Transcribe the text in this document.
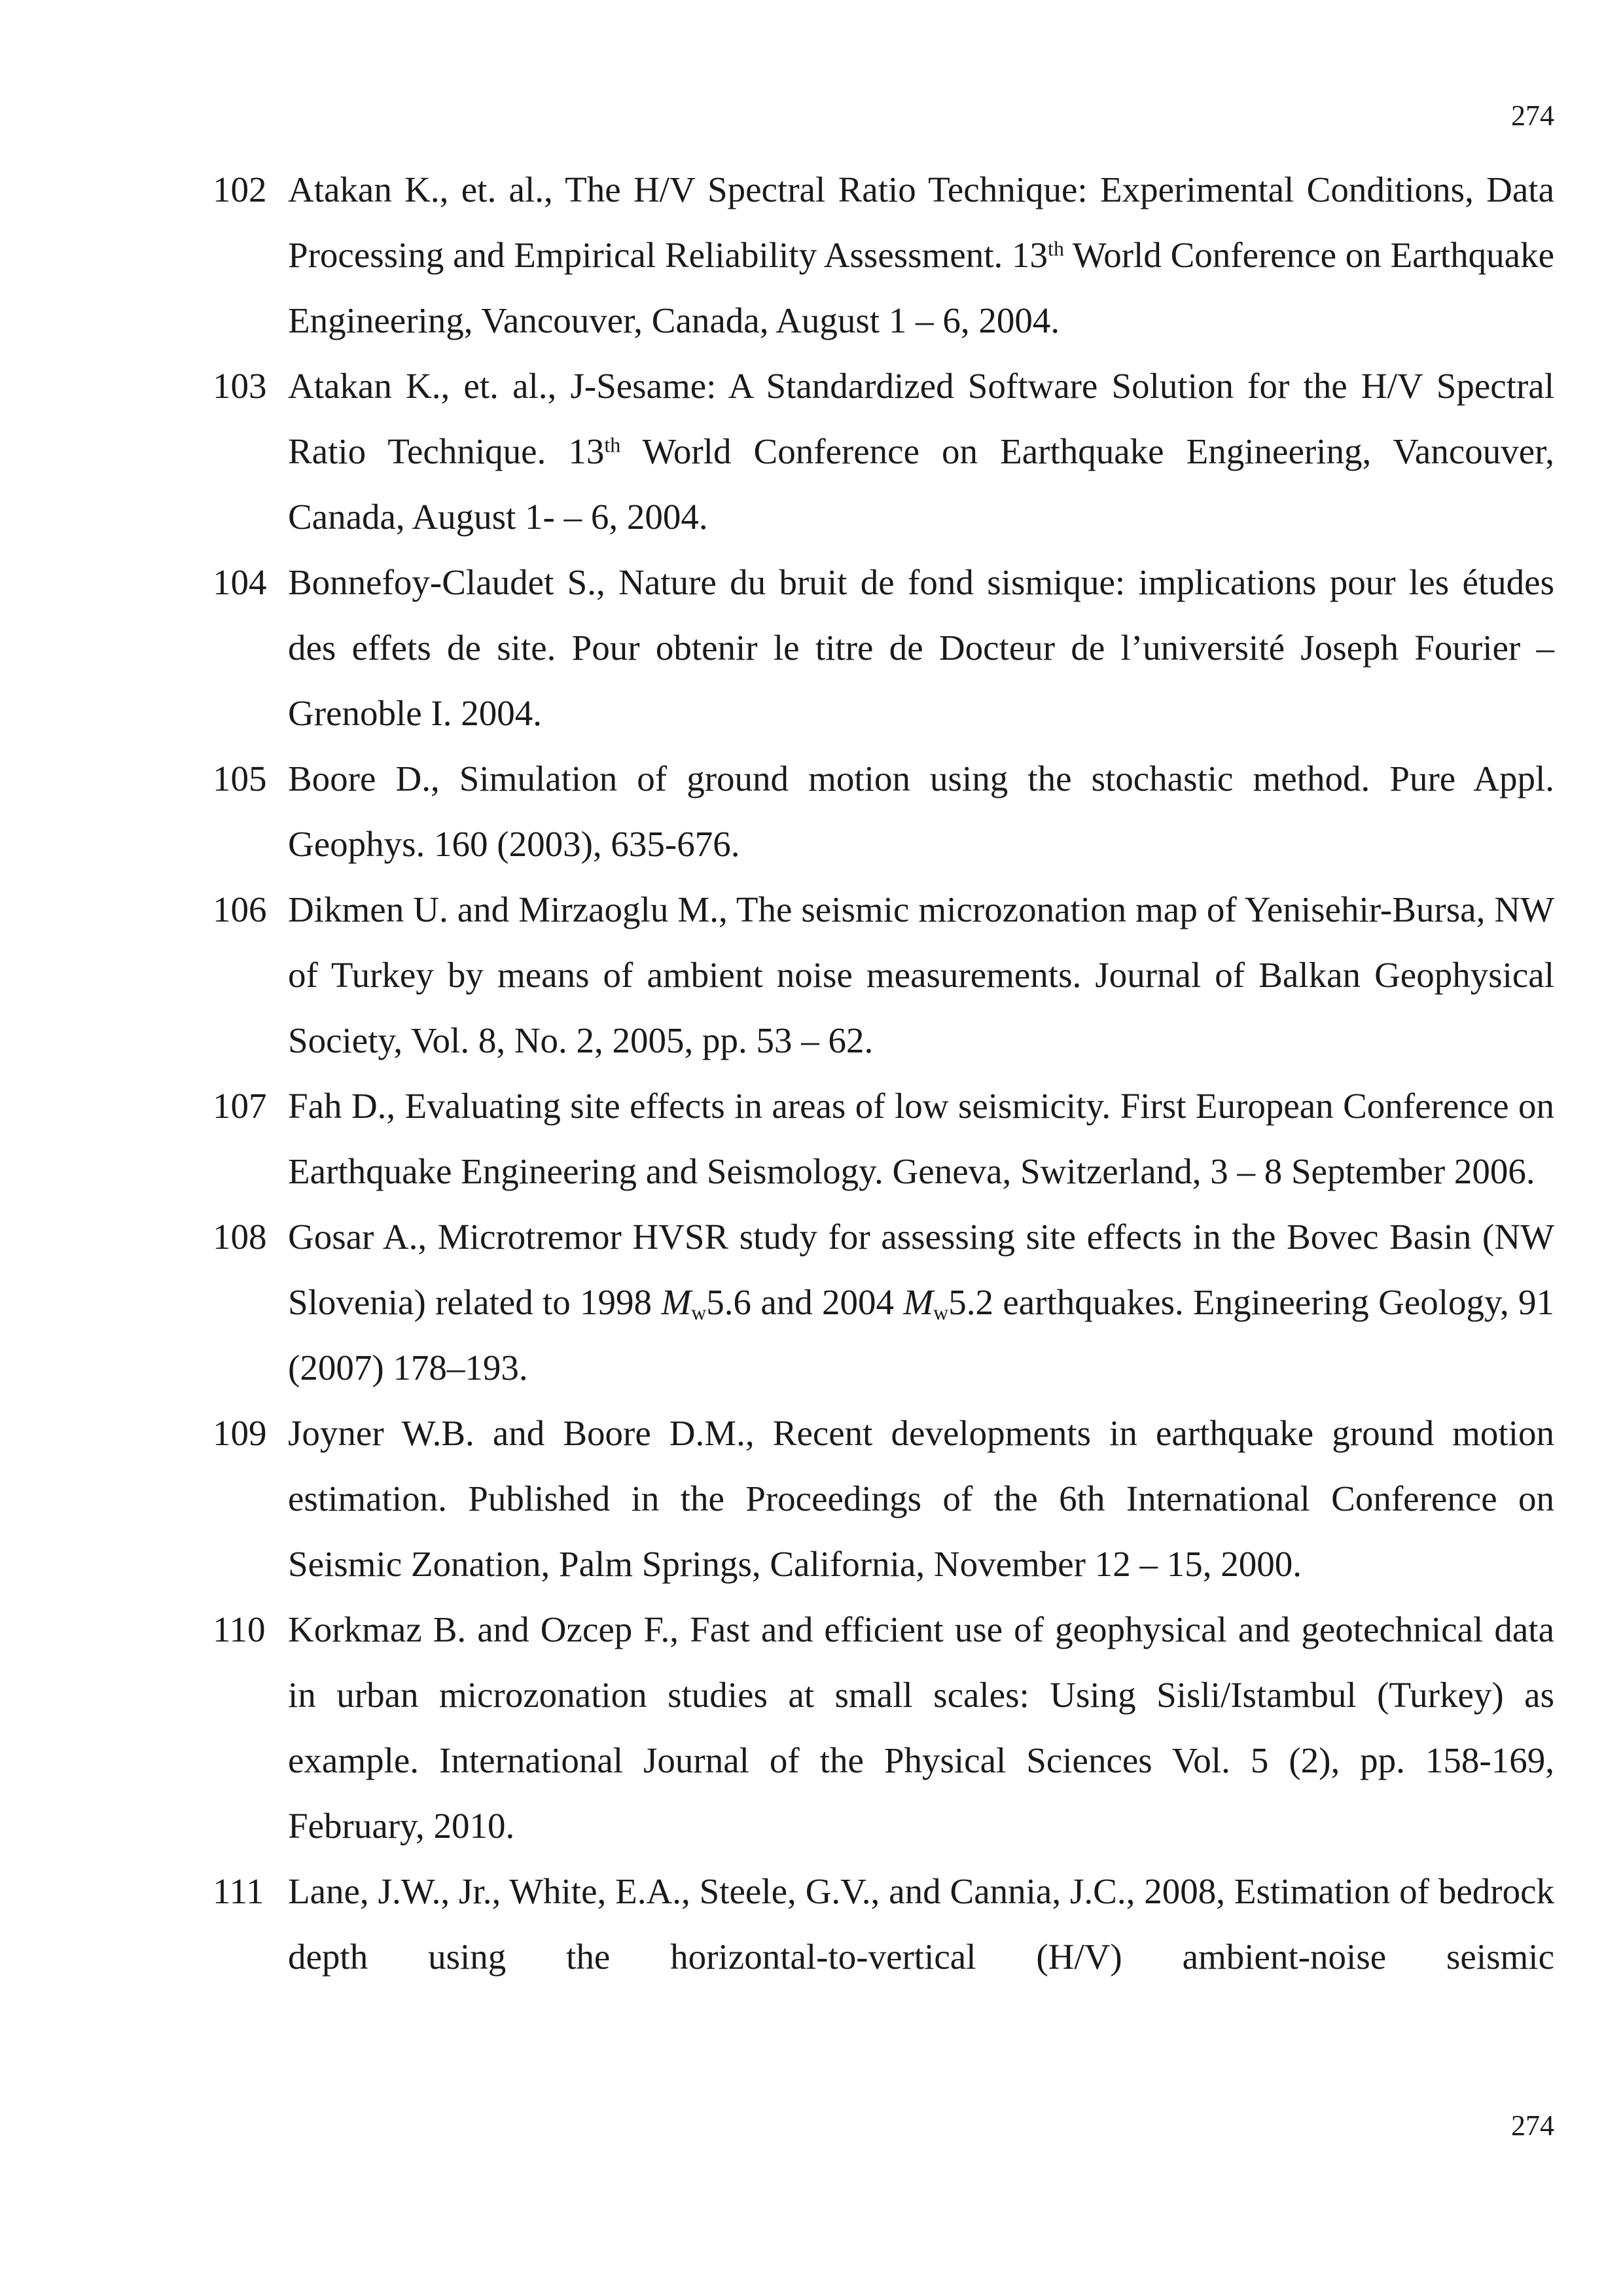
274
102 Atakan K., et. al., The H/V Spectral Ratio Technique: Experimental Conditions, Data Processing and Empirical Reliability Assessment. 13th World Conference on Earthquake Engineering, Vancouver, Canada, August 1 – 6, 2004.
103 Atakan K., et. al., J-Sesame: A Standardized Software Solution for the H/V Spectral Ratio Technique. 13th World Conference on Earthquake Engineering, Vancouver, Canada, August 1- – 6, 2004.
104 Bonnefoy-Claudet S., Nature du bruit de fond sismique: implications pour les études des effets de site. Pour obtenir le titre de Docteur de l’université Joseph Fourier – Grenoble I. 2004.
105 Boore D., Simulation of ground motion using the stochastic method. Pure Appl. Geophys. 160 (2003), 635-676.
106 Dikmen U. and Mirzaoglu M., The seismic microzonation map of Yenisehir-Bursa, NW of Turkey by means of ambient noise measurements. Journal of Balkan Geophysical Society, Vol. 8, No. 2, 2005, pp. 53 – 62.
107 Fah D., Evaluating site effects in areas of low seismicity. First European Conference on Earthquake Engineering and Seismology. Geneva, Switzerland, 3 – 8 September 2006.
108 Gosar A., Microtremor HVSR study for assessing site effects in the Bovec Basin (NW Slovenia) related to 1998 $M_w5.6$ and 2004 $M_w5.2$ earthquakes. Engineering Geology, 91 (2007) 178–193.
109 Joyner W.B. and Boore D.M., Recent developments in earthquake ground motion estimation. Published in the Proceedings of the 6th International Conference on Seismic Zonation, Palm Springs, California, November 12 – 15, 2000.
110 Korkmaz B. and Ozcep F., Fast and efficient use of geophysical and geotechnical data in urban microzonation studies at small scales: Using Sisli/Istambul (Turkey) as example. International Journal of the Physical Sciences Vol. 5 (2), pp. 158-169, February, 2010.
111 Lane, J.W., Jr., White, E.A., Steele, G.V., and Cannia, J.C., 2008, Estimation of bedrock depth using the horizontal-to-vertical (H/V) ambient-noise seismic
274
